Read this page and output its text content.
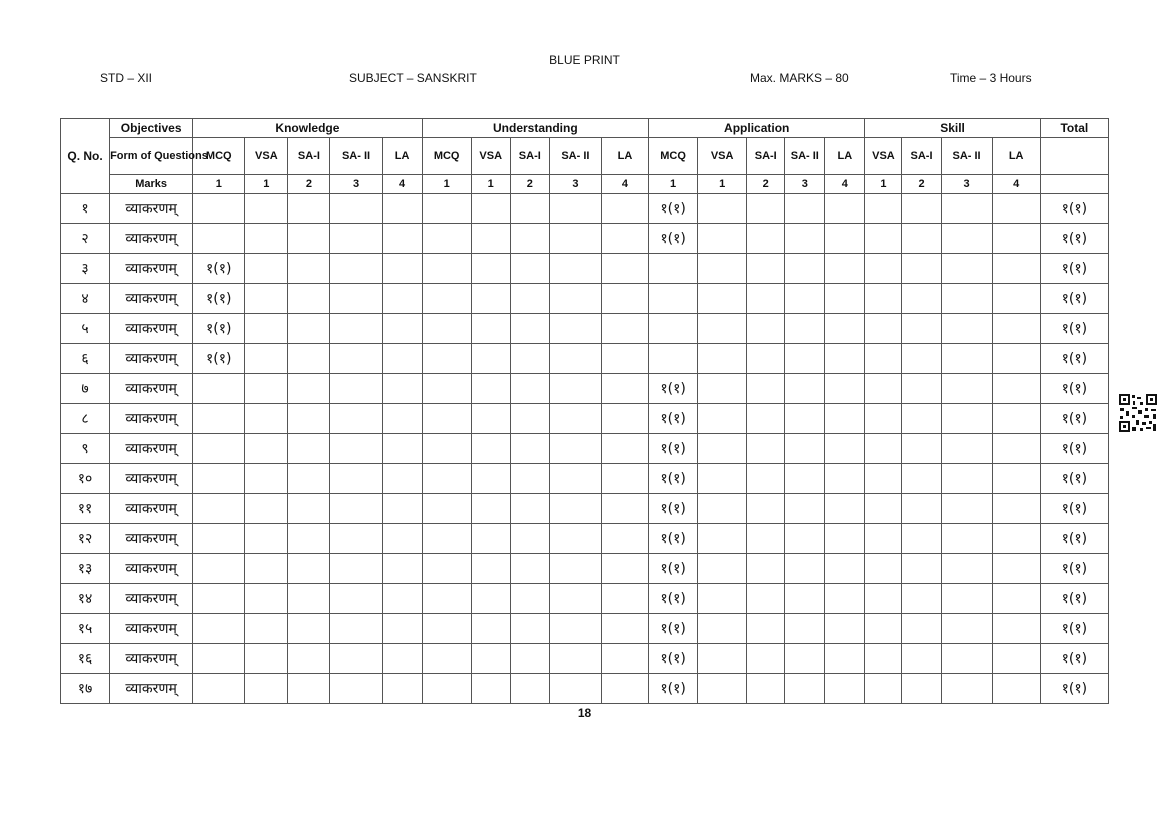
BLUE PRINT
STD – XII	SUBJECT – SANSKRIT	Max. MARKS – 80	Time – 3 Hours
Q. No.	Objectives	Knowledge					Understanding					Application					Skill				Total
	Form of Questions	MCQ	VSA	SA-I	SA- II	LA	MCQ	VSA	SA-I	SA- II	LA	MCQ	VSA	SA-I	SA- II	LA	VSA	SA-I	SA- II	LA	
	Marks	1	1	2	3	4	1	1	2	3	4	1	1	2	3	4	1	2	3	4	
१	व्याकरणम्											१(१)									१(१)
२	व्याकरणम्											१(१)									१(१)
३	व्याकरणम्	१(१)																			१(१)
४	व्याकरणम्	१(१)																			१(१)
५	व्याकरणम्	१(१)																			१(१)
६	व्याकरणम्	१(१)																			१(१)
७	व्याकरणम्											१(१)									१(१)
८	व्याकरणम्											१(१)									१(१)
९	व्याकरणम्											१(१)									१(१)
१०	व्याकरणम्											१(१)									१(१)
११	व्याकरणम्											१(१)									१(१)
१२	व्याकरणम्											१(१)									१(१)
१३	व्याकरणम्											१(१)									१(१)
१४	व्याकरणम्											१(१)									१(१)
१५	व्याकरणम्											१(१)									१(१)
१६	व्याकरणम्											१(१)									१(१)
१७	व्याकरणम्											१(१)									१(१)
18
